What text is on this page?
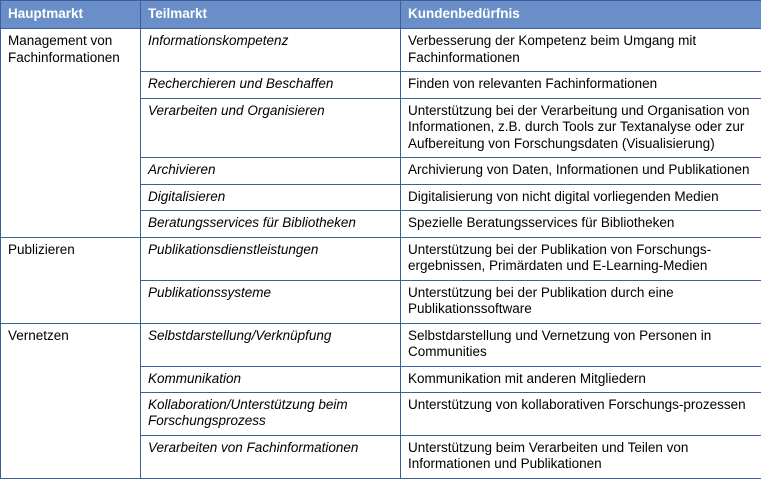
Hauptmarkt	Teilmarkt	Kundenbedürfnis
Management von Fachinformationen	Informationskompetenz	Verbesserung der Kompetenz beim Umgang mit Fachinformationen
	Recherchieren und Beschaffen	Finden von relevanten Fachinformationen
	Verarbeiten und Organisieren	Unterstützung bei der Verarbeitung und Organisation von Informationen, z.B. durch Tools zur Textanalyse oder zur Aufbereitung von Forschungsdaten (Visualisierung)
	Archivieren	Archivierung von Daten, Informationen und Publikationen
	Digitalisieren	Digitalisierung von nicht digital vorliegenden Medien
	Beratungsservices für Bibliotheken	Spezielle Beratungsservices für Bibliotheken
Publizieren	Publikationsdienstleistungen	Unterstützung bei der Publikation von Forschungs-ergebnissen, Primärdaten und E-Learning-Medien
	Publikationssysteme	Unterstützung bei der Publikation durch eine Publikationssoftware
Vernetzen	Selbstdarstellung/Verknüpfung	Selbstdarstellung und Vernetzung von Personen in Communities
	Kommunikation	Kommunikation mit anderen Mitgliedern
	Kollaboration/Unterstützung beim Forschungsprozess	Unterstützung von kollaborativen Forschungs-prozessen
	Verarbeiten von Fachinformationen	Unterstützung beim Verarbeiten und Teilen von Informationen und Publikationen
